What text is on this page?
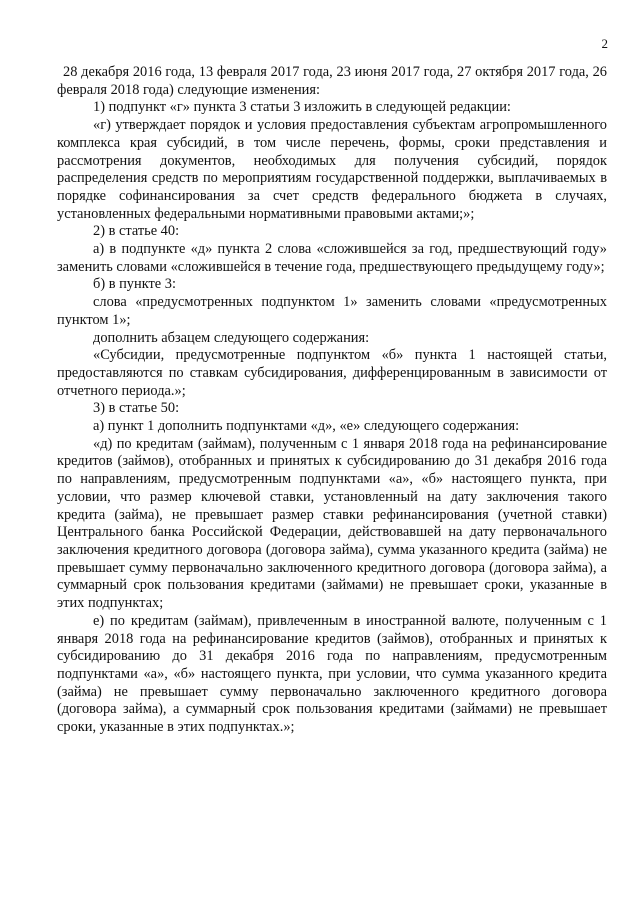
2

28 декабря 2016 года, 13 февраля 2017 года, 23 июня 2017 года, 27 октября 2017 года, 26 февраля 2018 года) следующие изменения:

1) подпункт «г» пункта 3 статьи 3 изложить в следующей редакции:

«г) утверждает порядок и условия предоставления субъектам агропромышленного комплекса края субсидий, в том числе перечень, формы, сроки представления и рассмотрения документов, необходимых для получения субсидий, порядок распределения средств по мероприятиям государственной поддержки, выплачиваемых в порядке софинансирования за счет средств федерального бюджета в случаях, установленных федеральными нормативными правовыми актами;»;

2) в статье 40:

а) в подпункте «д» пункта 2 слова «сложившейся за год, предшествующий году» заменить словами «сложившейся в течение года, предшествующего предыдущему году»;

б) в пункте 3:

слова «предусмотренных подпунктом 1» заменить словами «предусмотренных пунктом 1»;

дополнить абзацем следующего содержания:

«Субсидии, предусмотренные подпунктом «б» пункта 1 настоящей статьи, предоставляются по ставкам субсидирования, дифференцированным в зависимости от отчетного периода.»;

3) в статье 50:

а) пункт 1 дополнить подпунктами «д», «е» следующего содержания:

«д) по кредитам (займам), полученным с 1 января 2018 года на рефинансирование кредитов (займов), отобранных и принятых к субсидированию до 31 декабря 2016 года по направлениям, предусмотренным подпунктами «а», «б» настоящего пункта, при условии, что размер ключевой ставки, установленный на дату заключения такого кредита (займа), не превышает размер ставки рефинансирования (учетной ставки) Центрального банка Российской Федерации, действовавшей на дату первоначального заключения кредитного договора (договора займа), сумма указанного кредита (займа) не превышает сумму первоначально заключенного кредитного договора (договора займа), а суммарный срок пользования кредитами (займами) не превышает сроки, указанные в этих подпунктах;

е) по кредитам (займам), привлеченным в иностранной валюте, полученным с 1 января 2018 года на рефинансирование кредитов (займов), отобранных и принятых к субсидированию до 31 декабря 2016 года по направлениям, предусмотренным подпунктами «а», «б» настоящего пункта, при условии, что сумма указанного кредита (займа) не превышает сумму первоначально заключенного кредитного договора (договора займа), а суммарный срок пользования кредитами (займами) не превышает сроки, указанные в этих подпунктах.»;
